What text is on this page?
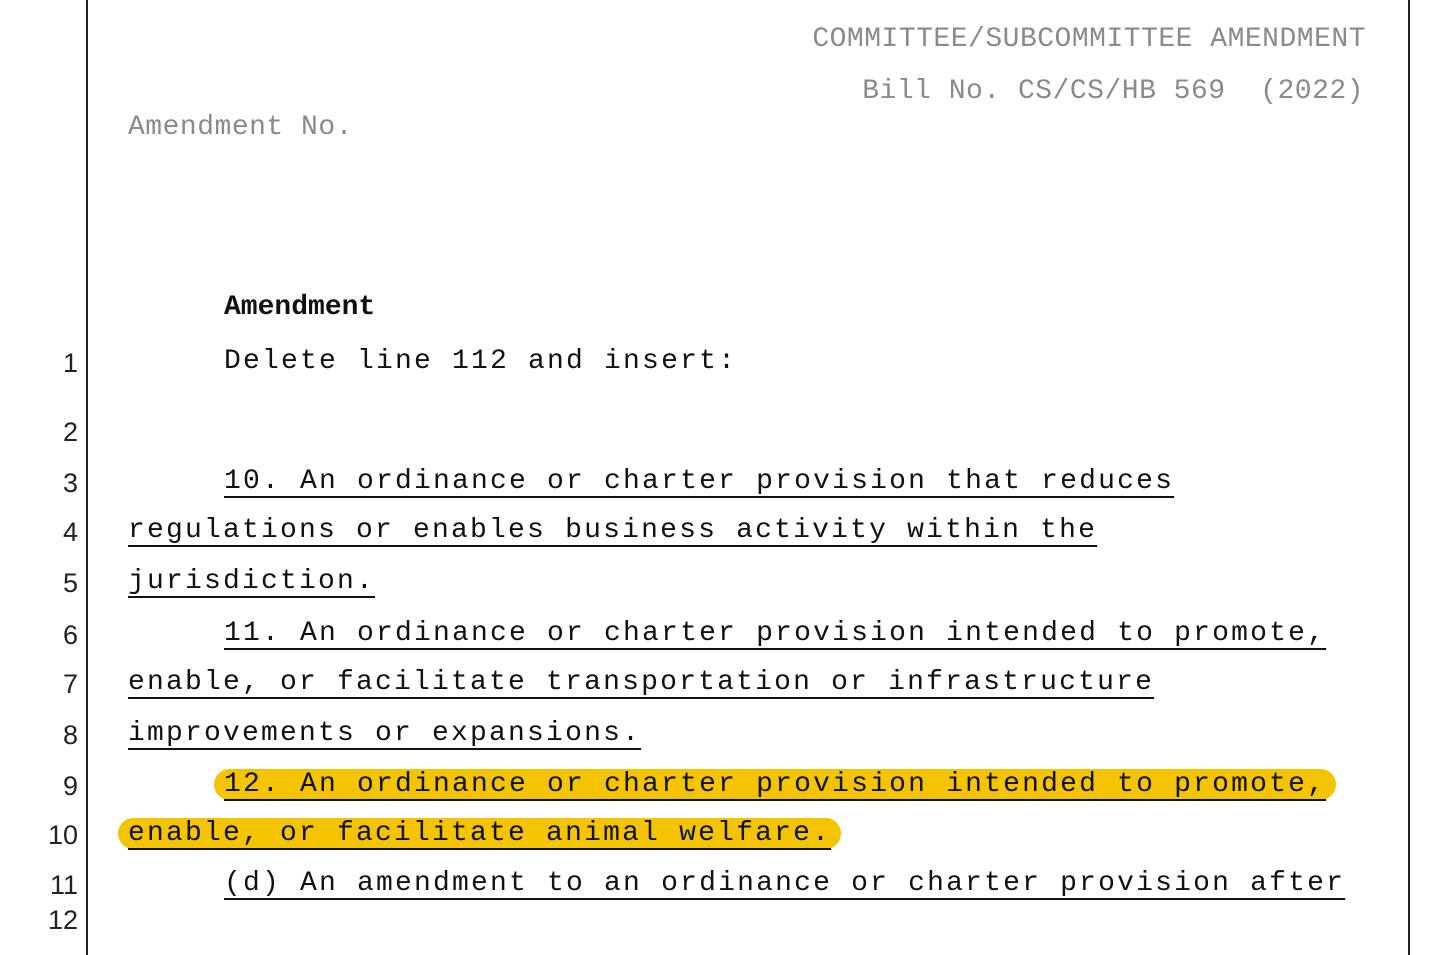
COMMITTEE/SUBCOMMITTEE AMENDMENT
Bill No. CS/CS/HB 569  (2022)
Amendment No.
Amendment
1
2
3
4
5
6
7
8
9
10
11
12
Delete line 112 and insert:
10. An ordinance or charter provision that reduces
regulations or enables business activity within the
jurisdiction.
11. An ordinance or charter provision intended to promote,
enable, or facilitate transportation or infrastructure
improvements or expansions.
12. An ordinance or charter provision intended to promote,
enable, or facilitate animal welfare.
(d) An amendment to an ordinance or charter provision after
